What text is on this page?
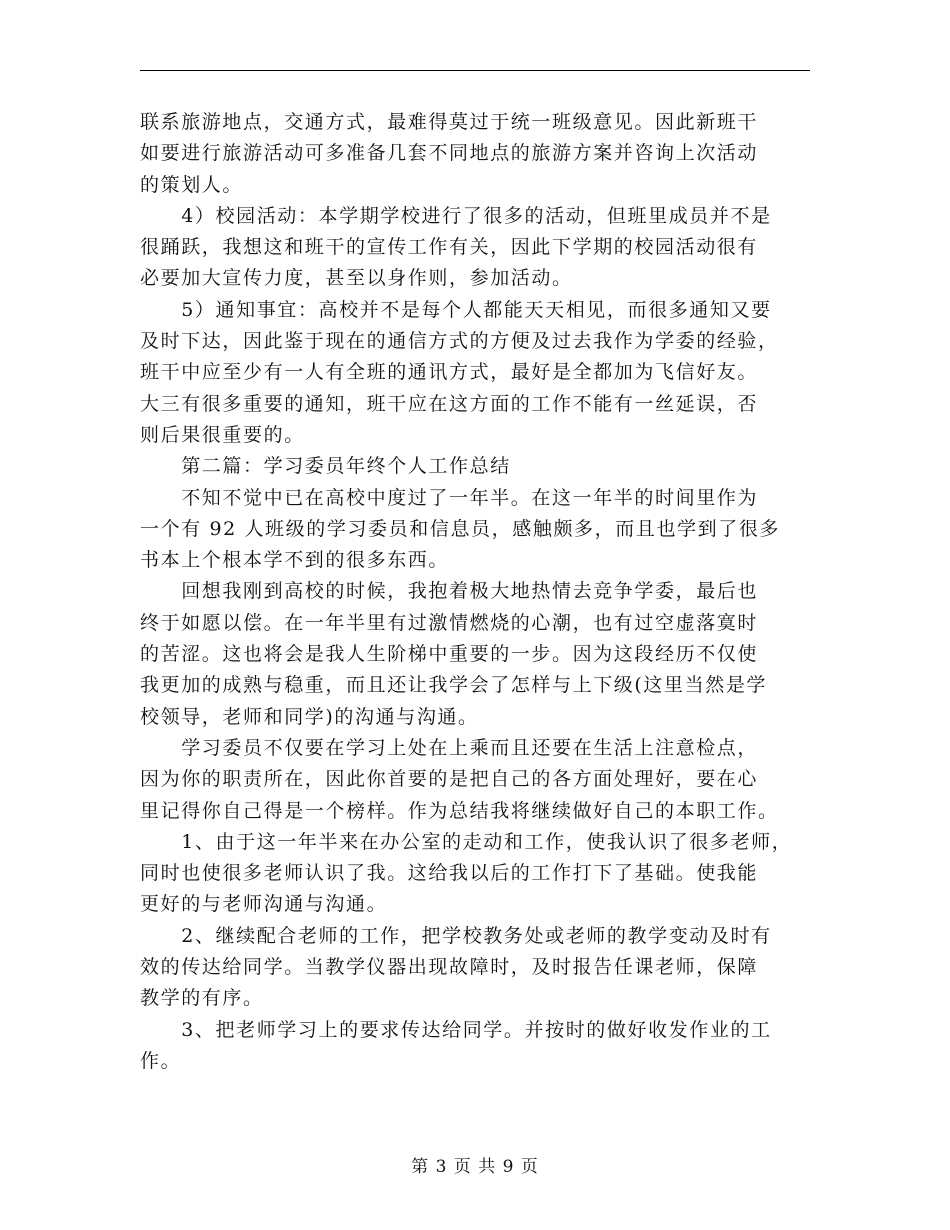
联系旅游地点，交通方式，最难得莫过于统一班级意见。因此新班干
如要进行旅游活动可多准备几套不同地点的旅游方案并咨询上次活动
的策划人。
　　4）校园活动：本学期学校进行了很多的活动，但班里成员并不是
很踊跃，我想这和班干的宣传工作有关，因此下学期的校园活动很有
必要加大宣传力度，甚至以身作则，参加活动。
　　5）通知事宜：高校并不是每个人都能天天相见，而很多通知又要
及时下达，因此鉴于现在的通信方式的方便及过去我作为学委的经验，
班干中应至少有一人有全班的通讯方式，最好是全都加为飞信好友。
大三有很多重要的通知，班干应在这方面的工作不能有一丝延误，否
则后果很重要的。
　　第二篇：学习委员年终个人工作总结
　　不知不觉中已在高校中度过了一年半。在这一年半的时间里作为
一个有 92 人班级的学习委员和信息员，感触颇多，而且也学到了很多
书本上个根本学不到的很多东西。
　　回想我刚到高校的时候，我抱着极大地热情去竞争学委，最后也
终于如愿以偿。在一年半里有过激情燃烧的心潮，也有过空虚落寞时
的苦涩。这也将会是我人生阶梯中重要的一步。因为这段经历不仅使
我更加的成熟与稳重，而且还让我学会了怎样与上下级(这里当然是学
校领导，老师和同学)的沟通与沟通。
　　学习委员不仅要在学习上处在上乘而且还要在生活上注意检点，
因为你的职责所在，因此你首要的是把自己的各方面处理好，要在心
里记得你自己得是一个榜样。作为总结我将继续做好自己的本职工作。
　　1、由于这一年半来在办公室的走动和工作，使我认识了很多老师，
同时也使很多老师认识了我。这给我以后的工作打下了基础。使我能
更好的与老师沟通与沟通。
　　2、继续配合老师的工作，把学校教务处或老师的教学变动及时有
效的传达给同学。当教学仪器出现故障时，及时报告任课老师，保障
教学的有序。
　　3、把老师学习上的要求传达给同学。并按时的做好收发作业的工
作。
第 3 页 共 9 页
